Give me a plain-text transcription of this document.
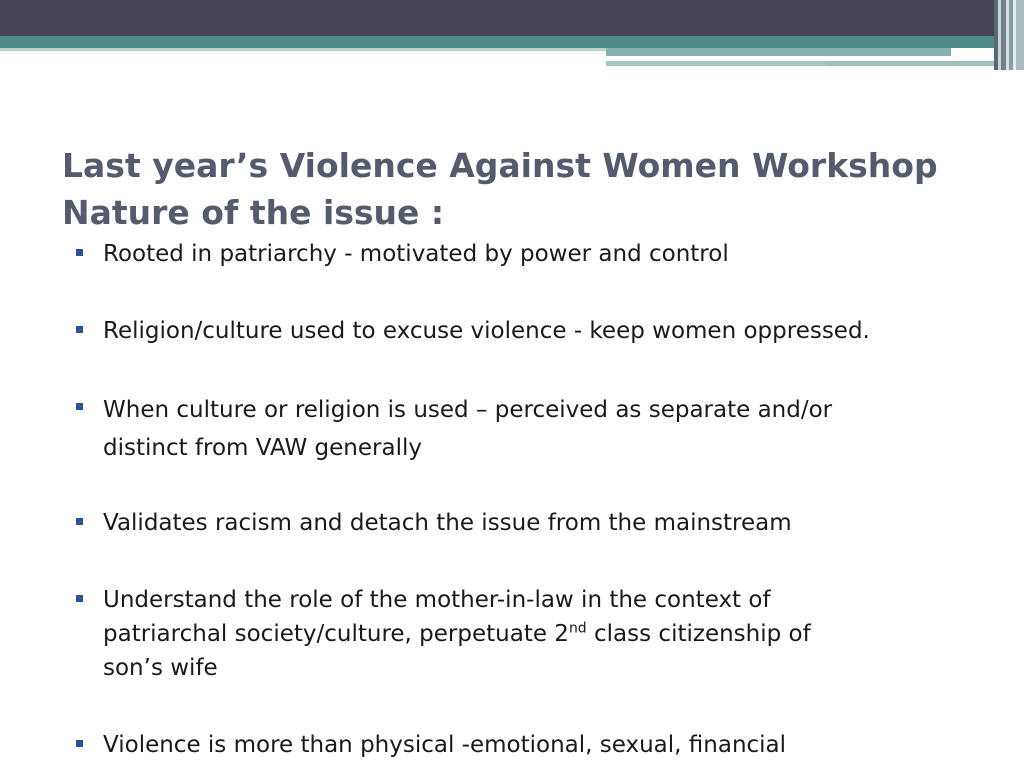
Last year’s Violence Against Women Workshop
Nature of the issue :
Rooted in patriarchy - motivated by power and control
Religion/culture used to excuse violence - keep women oppressed.
When culture or religion is used – perceived as separate and/or
distinct from VAW generally
Validates racism and detach the issue from the mainstream
Understand the role of the mother-in-law in the context of
patriarchal society/culture, perpetuate 2nd class citizenship of
son’s wife
Violence is more than physical -emotional, sexual, financial
